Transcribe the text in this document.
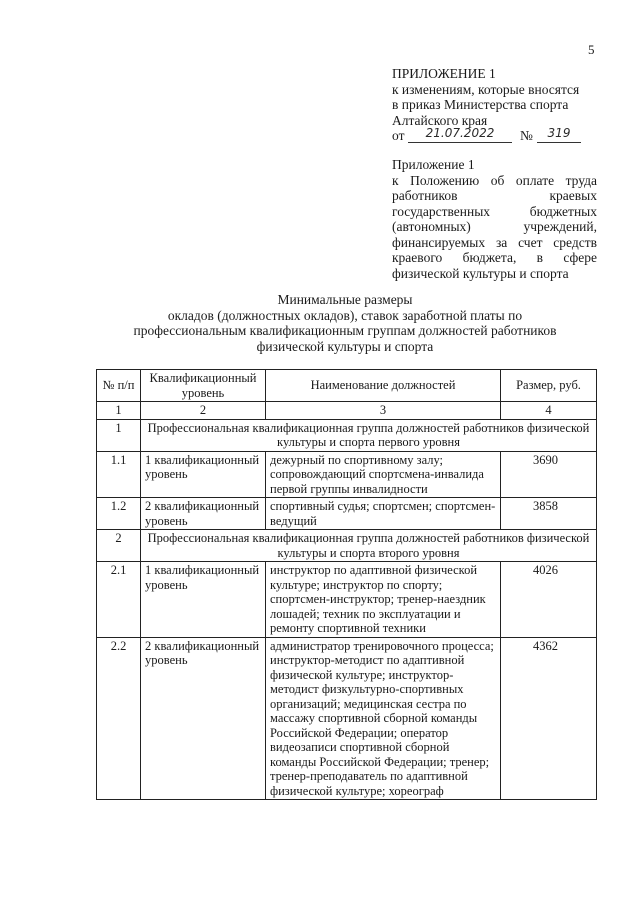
5
ПРИЛОЖЕНИЕ 1
к изменениям, которые вносятся
в приказ Министерства спорта
Алтайского края
от	21.07.2022	№	319
Приложение 1
к Положению об оплате труда
работников краевых
государственных бюджетных
(автономных) учреждений,
финансируемых за счет средств
краевого бюджета, в сфере
физической культуры и спорта
Минимальные размеры
окладов (должностных окладов), ставок заработной платы по
профессиональным квалификационным группам должностей работников
физической культуры и спорта
№ п/п	Квалификационный уровень	Наименование должностей	Размер, руб.
1	2	3	4
1	Профессиональная квалификационная группа должностей работников физической культуры и спорта первого уровня		
1.1	1 квалификационный уровень	дежурный по спортивному залу; сопровождающий спортсмена-инвалида первой группы инвалидности	3690
1.2	2 квалификационный уровень	спортивный судья; спортсмен; спортсмен-ведущий	3858
2	Профессиональная квалификационная группа должностей работников физической культуры и спорта второго уровня		
2.1	1 квалификационный уровень	инструктор по адаптивной физической культуре; инструктор по спорту; спортсмен-инструктор; тренер-наездник лошадей; техник по эксплуатации и ремонту спортивной техники	4026
2.2	2 квалификационный уровень	администратор тренировочного процесса; инструктор-методист по адаптивной физической культуре; инструктор-методист физкультурно-спортивных организаций; медицинская сестра по массажу спортивной сборной команды Российской Федерации; оператор видеозаписи спортивной сборной команды Российской Федерации; тренер; тренер-преподаватель по адаптивной физической культуре; хореограф	4362
